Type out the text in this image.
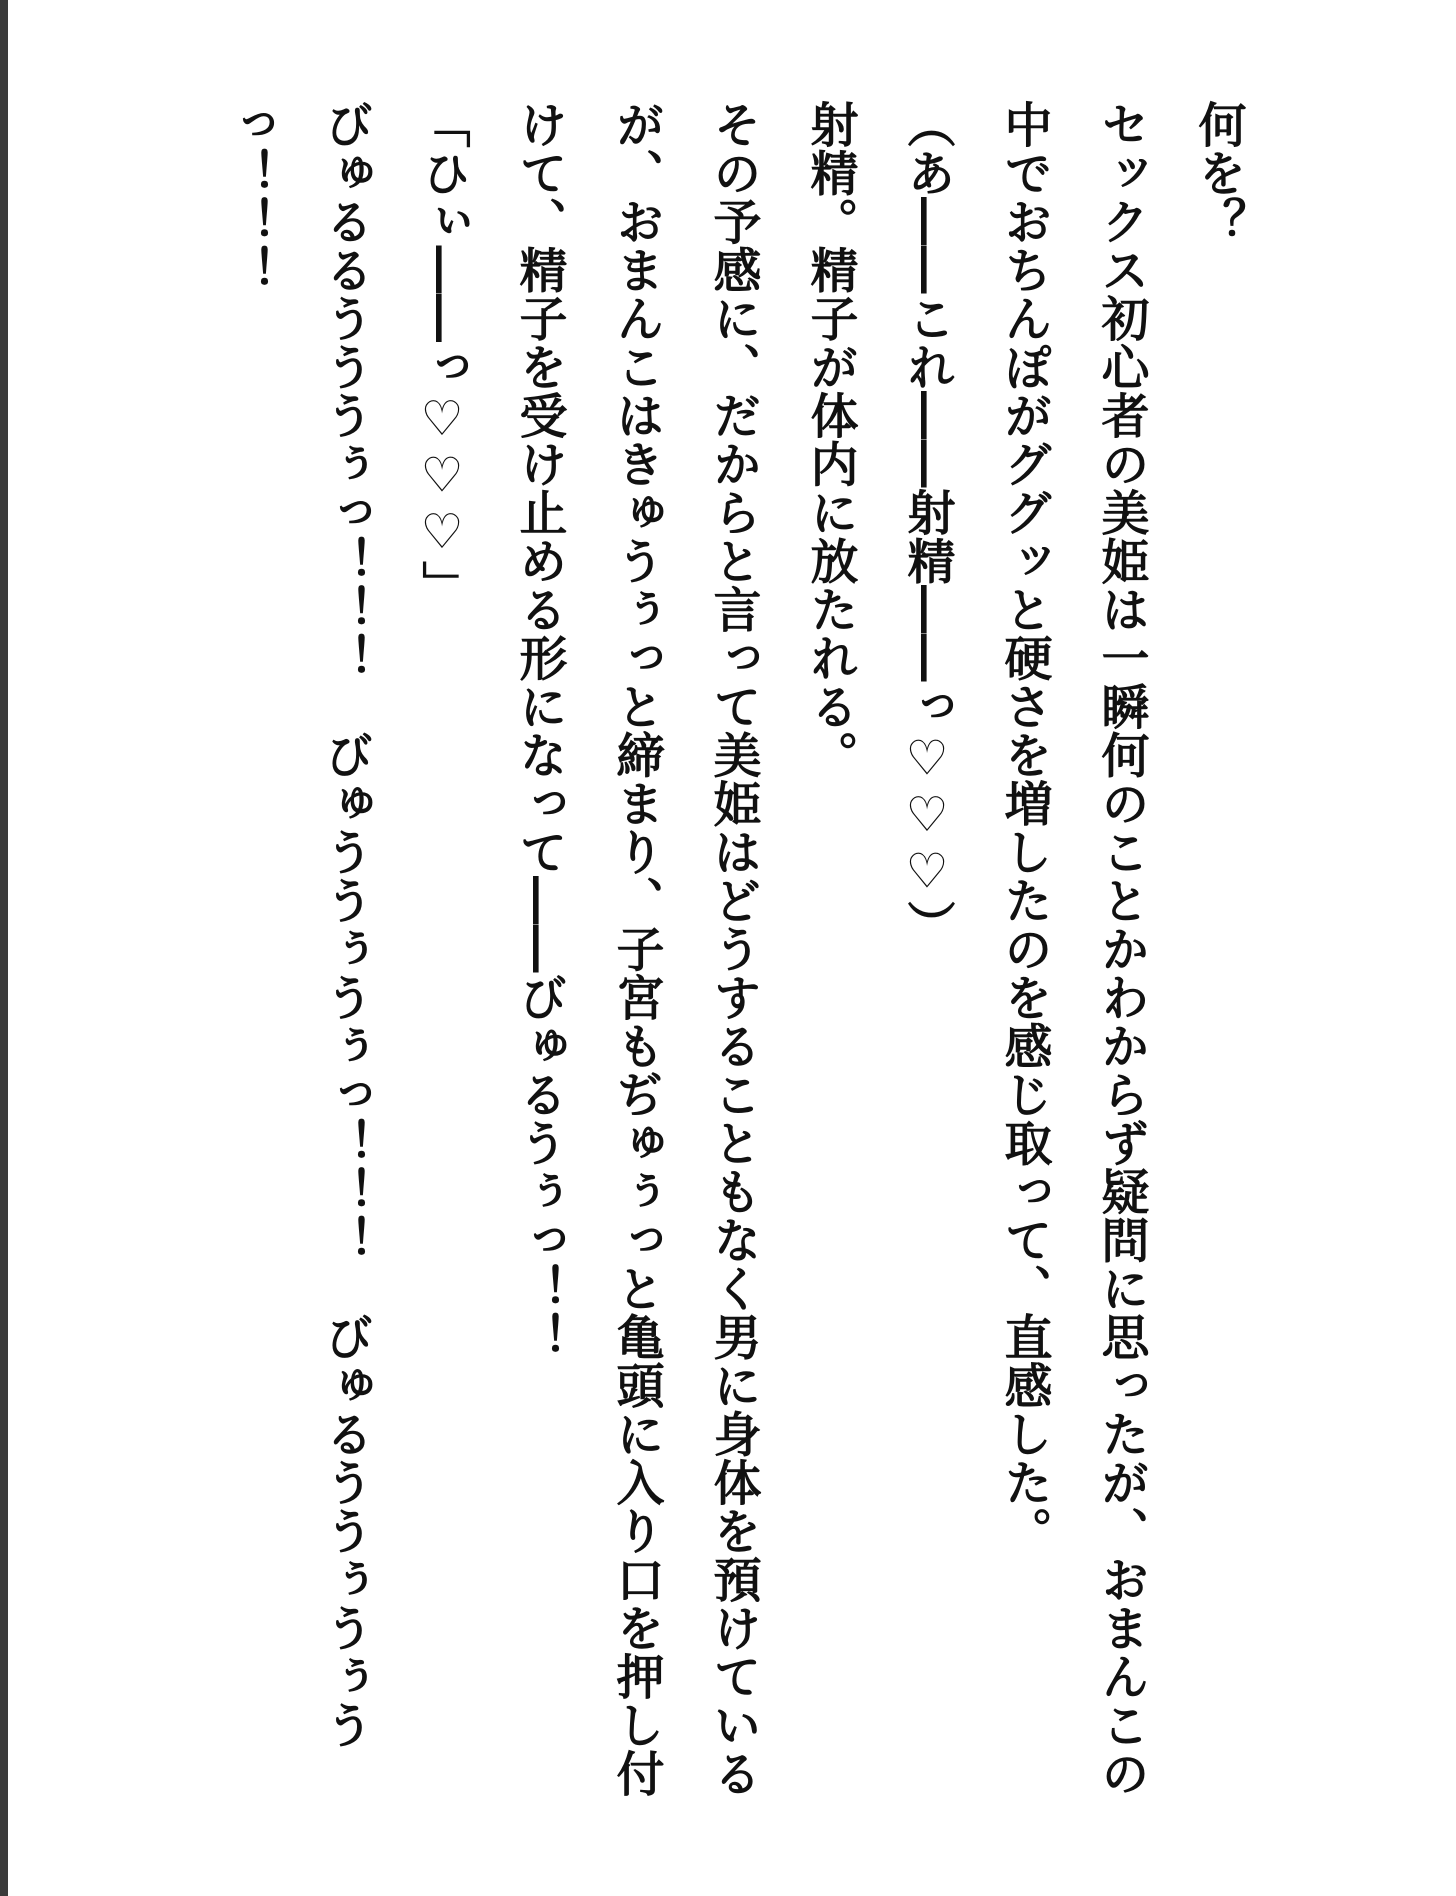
何を？

セックス初心者の美姫は一瞬何のことかわからず疑問に思ったが、おまんこの中でおちんぽがググッと硬さを増したのを感じ取って、直感した。

（あ――これ――射精――っ♡♡♡）

射精。精子が体内に放たれる。

その予感に、だからと言って美姫はどうすることもなく男に身体を預けているが、おまんこはきゅうぅっと締まり、子宮もぢゅぅっと亀頭に入り口を押し付けて、精子を受け止める形になって――びゅるうぅっ！！

「ひぃ――っ♡♡♡」

びゅるるうううぅっ！！！　びゅううぅうぅっ！！！　びゅるううぅうぅうっ！！！
